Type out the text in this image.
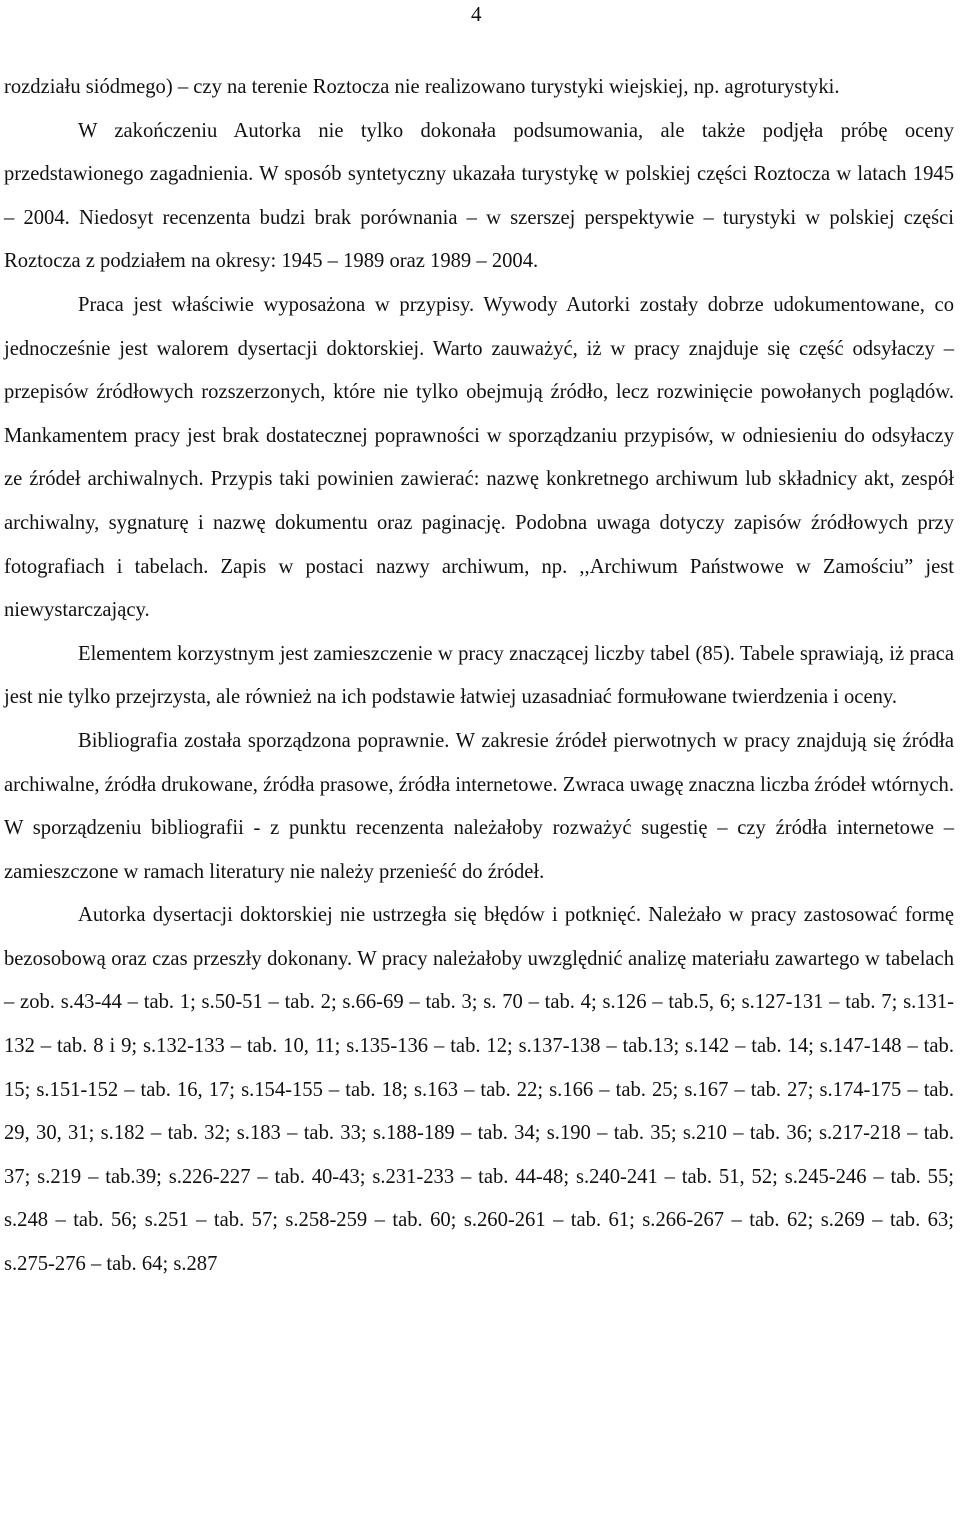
4

rozdziału siódmego) – czy na terenie Roztocza nie realizowano turystyki wiejskiej, np. agroturystyki.

W zakończeniu Autorka nie tylko dokonała podsumowania, ale także podjęła próbę oceny przedstawionego zagadnienia. W sposób syntetyczny ukazała turystykę w polskiej części Roztocza w latach 1945 – 2004. Niedosyt recenzenta budzi brak porównania – w szerszej perspektywie – turystyki w polskiej części Roztocza z podziałem na okresy: 1945 – 1989 oraz 1989 – 2004.

Praca jest właściwie wyposażona w przypisy. Wywody Autorki zostały dobrze udokumentowane, co jednocześnie jest walorem dysertacji doktorskiej. Warto zauważyć, iż w pracy znajduje się część odsyłaczy – przepisów źródłowych rozszerzonych, które nie tylko obejmują źródło, lecz rozwinięcie powołanych poglądów. Mankamentem pracy jest brak dostatecznej poprawności w sporządzaniu przypisów, w odniesieniu do odsyłaczy ze źródeł archiwalnych. Przypis taki powinien zawierać: nazwę konkretnego archiwum lub składnicy akt, zespół archiwalny, sygnaturę i nazwę dokumentu oraz paginację. Podobna uwaga dotyczy zapisów źródłowych przy fotografiach i tabelach. Zapis w postaci nazwy archiwum, np. ,,Archiwum Państwowe w Zamościu” jest niewystarczający.

Elementem korzystnym jest zamieszczenie w pracy znaczącej liczby tabel (85). Tabele sprawiają, iż praca jest nie tylko przejrzysta, ale również na ich podstawie łatwiej uzasadniać formułowane twierdzenia i oceny.

Bibliografia została sporządzona poprawnie. W zakresie źródeł pierwotnych w pracy znajdują się źródła archiwalne, źródła drukowane, źródła prasowe, źródła internetowe. Zwraca uwagę znaczna liczba źródeł wtórnych. W sporządzeniu bibliografii - z punktu recenzenta należałoby rozważyć sugestię – czy źródła internetowe – zamieszczone w ramach literatury nie należy przenieść do źródeł.

Autorka dysertacji doktorskiej nie ustrzegła się błędów i potknięć. Należało w pracy zastosować formę bezosobową oraz czas przeszły dokonany. W pracy należałoby uwzględnić analizę materiału zawartego w tabelach – zob. s.43-44 – tab. 1; s.50-51 – tab. 2; s.66-69 – tab. 3; s. 70 – tab. 4; s.126 – tab.5, 6; s.127-131 – tab. 7; s.131-132 – tab. 8 i 9; s.132-133 – tab. 10, 11; s.135-136 – tab. 12; s.137-138 – tab.13; s.142 – tab. 14; s.147-148 – tab. 15; s.151-152 – tab. 16, 17; s.154-155 – tab. 18; s.163 – tab. 22; s.166 – tab. 25; s.167 – tab. 27; s.174-175 – tab. 29, 30, 31; s.182 – tab. 32; s.183 – tab. 33; s.188-189 – tab. 34; s.190 – tab. 35; s.210 – tab. 36; s.217-218 – tab. 37; s.219 – tab.39; s.226-227 – tab. 40-43; s.231-233 – tab. 44-48; s.240-241 – tab. 51, 52; s.245-246 – tab. 55; s.248 – tab. 56; s.251 – tab. 57; s.258-259 – tab. 60; s.260-261 – tab. 61; s.266-267 – tab. 62; s.269 – tab. 63; s.275-276 – tab. 64; s.287
